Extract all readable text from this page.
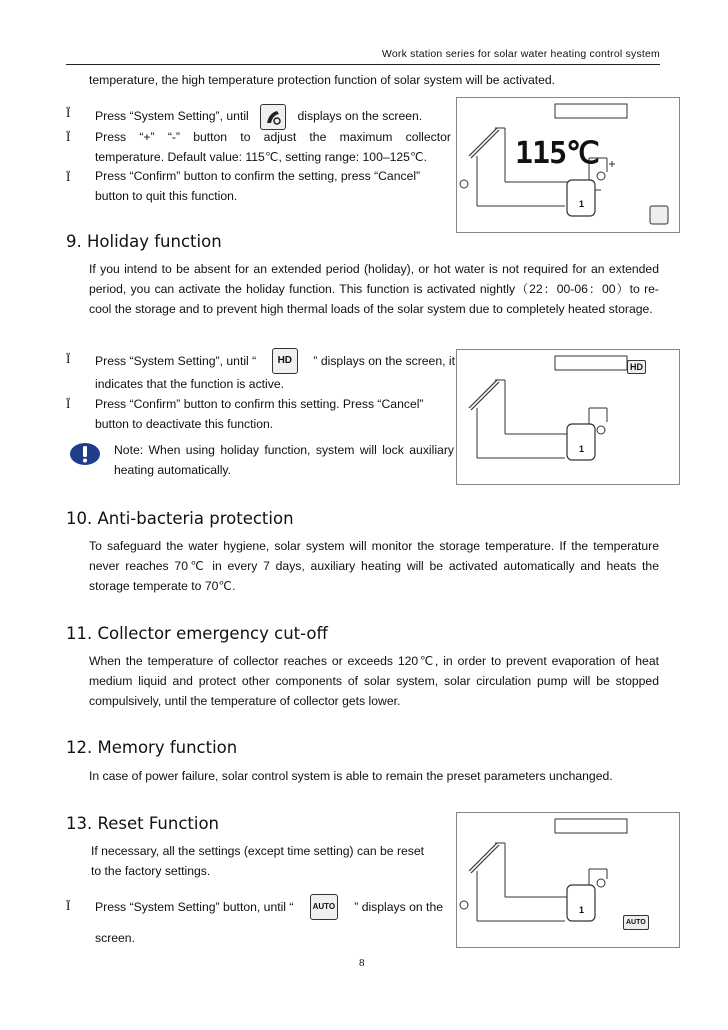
Work station series for solar water heating control system
temperature, the high temperature protection function of solar system will be activated.
Ï Press “System Setting”, until	displays on the screen.
Ï Press “+” “-” button to adjust the maximum collector
temperature. Default value: 115℃, setting range: 100–125℃.
Ï Press “Confirm” button to confirm the setting, press “Cancel”
button to quit this function.
115℃
1
9. Holiday function
If you intend to be absent for an extended period (holiday), or hot water is not required for an extended period, you can activate the holiday function. This function is activated nightly（22：00-06：00）to re-cool the storage and to prevent high thermal loads of the solar system due to completely heated storage.
Ï Press “System Setting”, until “	HD	” displays on the screen, it
indicates that the function is active.
Ï Press “Confirm” button to confirm this setting. Press “Cancel”
button to deactivate this function.
Note: When using holiday function, system will lock auxiliary heating automatically.
HD
1
10. Anti-bacteria protection
To safeguard the water hygiene, solar system will monitor the storage temperature. If the temperature never reaches 70℃ in every 7 days, auxiliary heating will be activated automatically and heats the storage temperate to 70℃.
11. Collector emergency cut-off
When the temperature of collector reaches or exceeds 120℃, in order to prevent evaporation of heat medium liquid and protect other components of solar system, solar circulation pump will be stopped compulsively, until the temperature of collector gets lower.
12. Memory function
In case of power failure, solar control system is able to remain the preset parameters unchanged.
13. Reset Function
If necessary, all the settings (except time setting) can be reset
to the factory settings.
Ï Press “System Setting” button, until “	AUTO ” displays on the
screen.
AUTO
1
8
